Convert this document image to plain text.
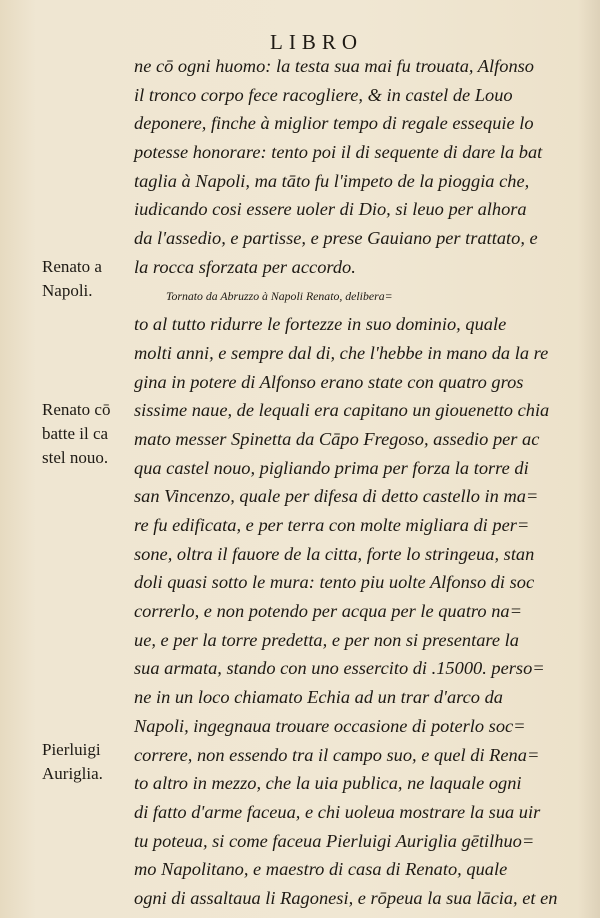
LIBRO
Renato a
Napoli.
Renato cō
batte il ca
stel nouo.
Pierluigi
Auriglia.
ne cō ogni huomo: la testa sua mai fu trouata, Alfonso
il tronco corpo fece racogliere, & in castel de Louo
deponere, finche à miglior tempo di regale essequie lo
potesse honorare: tento poi il di sequente di dare la bat
taglia à Napoli, ma tāto fu l'impeto de la pioggia che,
iudicando cosi essere uoler di Dio, si leuo per alhora
da l'assedio, e partisse, e prese Gauiano per trattato, e
la rocca sforzata per accordo.
Tornato da Abruzzo à Napoli Renato, delibera=
to al tutto ridurre le fortezze in suo dominio, quale
molti anni, e sempre dal di, che l'hebbe in mano da la re
gina in potere di Alfonso erano state con quatro gros
sissime naue, de lequali era capitano un giouenetto chia
mato messer Spinetta da Cāpo Fregoso, assedio per ac
qua castel nouo, pigliando prima per forza la torre di
san Vincenzo, quale per difesa di detto castello in ma=
re fu edificata, e per terra con molte migliara di per=
sone, oltra il fauore de la citta, forte lo stringeua, stan
doli quasi sotto le mura: tento piu uolte Alfonso di soc
correrlo, e non potendo per acqua per le quatro na=
ue, e per la torre predetta, e per non si presentare la
sua armata, stando con uno essercito di .15000. perso=
ne in un loco chiamato Echia ad un trar d'arco da
Napoli, ingegnaua trouare occasione di poterlo soc=
correre, non essendo tra il campo suo, e quel di Rena=
to altro in mezzo, che la uia publica, ne laquale ogni
di fatto d'arme faceua, e chi uoleua mostrare la sua uir
tu poteua, si come faceua Pierluigi Auriglia gētilhuo=
mo Napolitano, e maestro di casa di Renato, quale
ogni di assaltaua li Ragonesi, e rōpeua la sua lācia, et en
